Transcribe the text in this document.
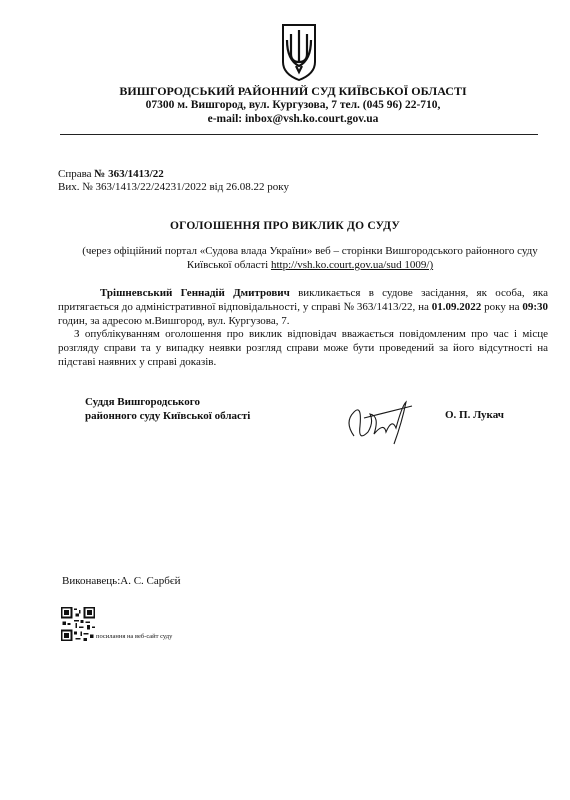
ВИШГОРОДСЬКИЙ РАЙОННИЙ СУД КИЇВСЬКОЇ ОБЛАСТІ
07300 м. Вишгород, вул. Кургузова, 7 тел. (045 96) 22-710,
e-mail: inbox@vsh.ko.court.gov.ua
Справа № 363/1413/22
Вих. № 363/1413/22/24231/2022 від 26.08.22 року
ОГОЛОШЕННЯ ПРО ВИКЛИК ДО СУДУ
(через офіційний портал «Судова влада України» веб – сторінки Вишгородського районного суду Київської області http://vsh.ko.court.gov.ua/sud 1009/)
Трішневський Геннадій Дмитрович викликається в судове засідання, як особа, яка притягається до адміністративної відповідальності, у справі № 363/1413/22, на 01.09.2022 року на 09:30 годин, за адресою м.Вишгород, вул. Кургузова, 7.
З опублікуванням оголошення про виклик відповідач вважається повідомленим про час і місце розгляду справи та у випадку неявки розгляд справи може бути проведений за його відсутності на підставі наявних у справі доказів.
Суддя Вишгородського
районного суду Київської області	О. П. Лукач
Виконавець:А. С. Сарбєй
посилання на веб-сайт суду
